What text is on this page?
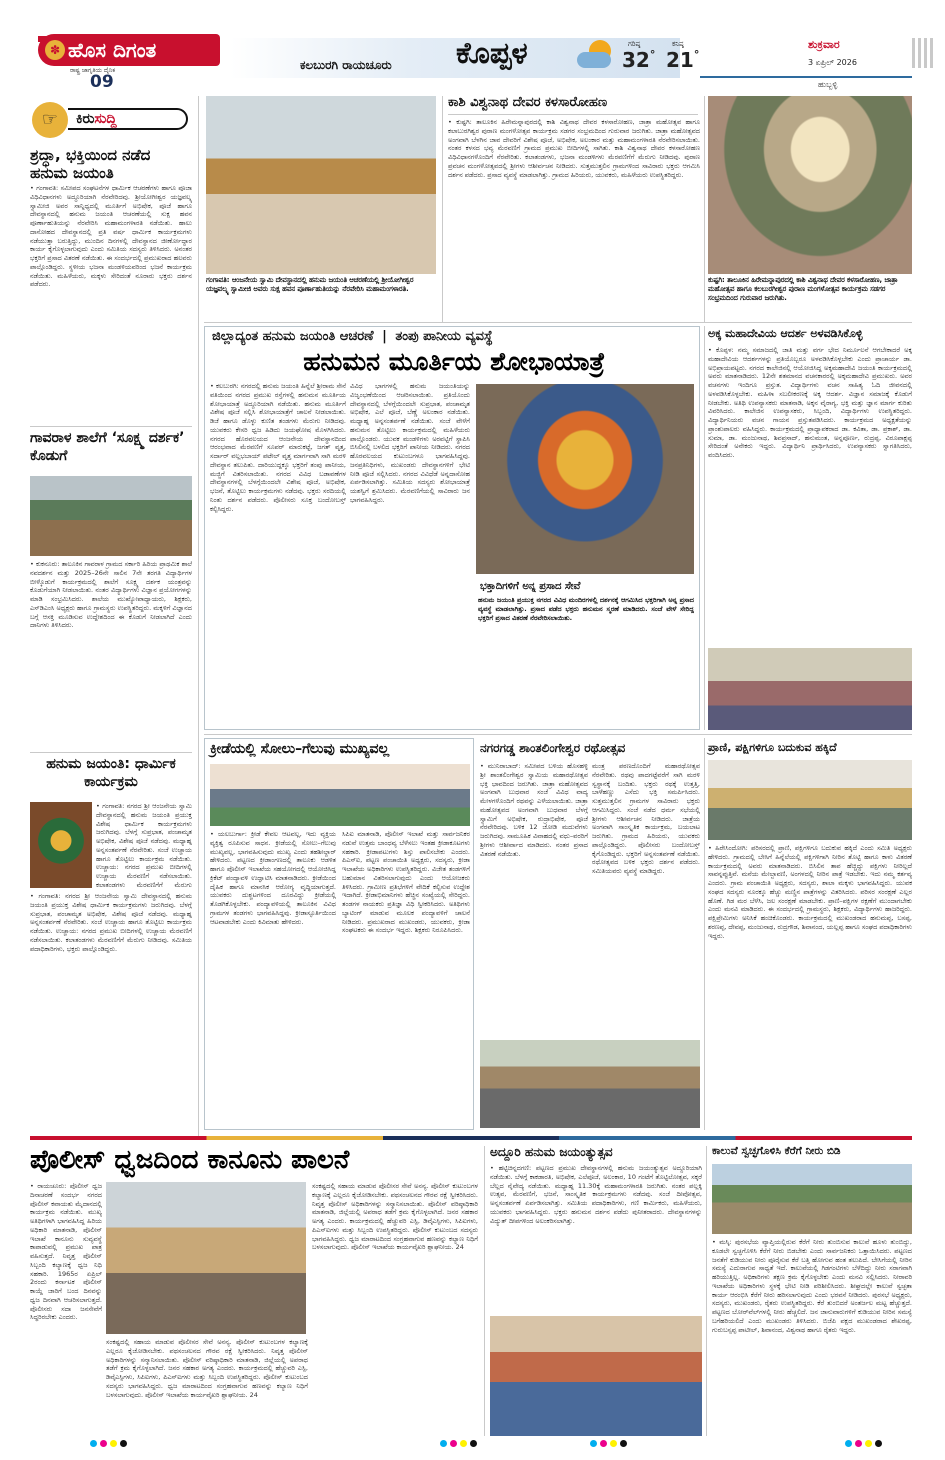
✽ ಹೊಸ ದಿಗಂತ
ರಾಷ್ಟ್ರ ಜಾಗೃತಿಯ ದೈನಿಕ
09
ಕಲಬುರಗಿ ರಾಯಚೂರು ಕೊಪ್ಪಳ	ಗರಿಷ್ಠ
32°
ಕನಿಷ್ಠ
21°
ಶುಕ್ರವಾರ
3 ಏಪ್ರಿಲ್ 2026
ಹುಬ್ಬಳ್ಳಿ
☞	ಕಿರುಸುದ್ದಿ
ಶ್ರದ್ಧಾ, ಭಕ್ತಿಯಿಂದ ನಡೆದ ಹನುಮ ಜಯಂತಿ
• ಗಂಗಾವತಿ: ಸಮೀಪದ ಸಂಘಟನೆಗಳ ಧಾರ್ಮಿಕ ಆಚರಣೆಗಳು ಹಾಗೂ ಪೂಜಾ ವಿಧಿವಿಧಾನಗಳು ಅದ್ಧೂರಿಯಾಗಿ ನೆರವೇರಿದವು. ಶ್ರೀಯೋಗೀಶ್ವರ ಯಜ್ಞವಲ್ಕ್ಯ ಸ್ವಾಮೀಜಿ ಅವರ ಸಾನ್ನಿಧ್ಯದಲ್ಲಿ ಮೂರ್ತಿಗೆ ಅಭಿಷೇಕ, ಪೂಜೆ ಹಾಗೂ ದೇವಸ್ಥಾನದಲ್ಲಿ ಹನುಮ ಜಯಂತಿ ಆಚರಣೆಯಲ್ಲಿ ಸುಕ್ಷ ಹವನ ಪೂರ್ಣಾಹುತಿಯನ್ನು ನೆರವೇರಿಸಿ ಮಹಾಮಂಗಳಾರತಿ ನಡೆಯಿತು. ಹಾಲು ದಾಸೋಹದ ದೇವಸ್ಥಾನದಲ್ಲಿ ಪ್ರತಿ ವರ್ಷ ಧಾರ್ಮಿಕ ಕಾರ್ಯಕ್ರಮಗಳು ನಡೆಯುತ್ತಾ ಬರುತ್ತಿದ್ದು, ಮುಂದಿನ ದಿನಗಳಲ್ಲಿ ದೇವಸ್ಥಾನದ ಜೀರ್ಣೋದ್ಧಾರ ಕಾರ್ಯ ಕೈಗೊಳ್ಳಲಾಗುವುದು ಎಂದು ಸಮಿತಿಯ ಸದಸ್ಯರು ತಿಳಿಸಿದರು. ಅನಂತರ ಭಕ್ತರಿಗೆ ಪ್ರಸಾದ ವಿತರಣೆ ನಡೆಯಿತು. ಈ ಸಂದರ್ಭದಲ್ಲಿ ಪ್ರಮುಖರಾದ ಹಲವರು ಪಾಲ್ಗೊಂಡಿದ್ದರು. ಸ್ಥಳೀಯ ಭಜನಾ ಮಂಡಳಿಯವರಿಂದ ಭಜನೆ ಕಾರ್ಯಕ್ರಮ ನಡೆಯಿತು. ಮಹಿಳೆಯರು, ಮಕ್ಕಳು ಸೇರಿದಂತೆ ನೂರಾರು ಭಕ್ತರು ದರ್ಶನ ಪಡೆದರು.
ಗಾವರಾಳ ಶಾಲೆಗೆ ‘ಸೂಕ್ಷ್ಮ ದರ್ಶಕ’ ಕೊಡುಗೆ
• ಕುಕನೂರು: ತಾಲೂಕಿನ ಗಾವರಾಳ ಗ್ರಾಮದ ಸರ್ಕಾರಿ ಹಿರಿಯ ಪ್ರಾಥಮಿಕ ಶಾಲೆ ನವದರ್ಶನ ಮತ್ತು 2025–26ನೇ ಸಾಲಿನ 7ನೇ ತರಗತಿ ವಿದ್ಯಾರ್ಥಿಗಳ ಬೀಳ್ಕೊಡುಗೆ ಕಾರ್ಯಕ್ರಮದಲ್ಲಿ ಶಾಲೆಗೆ ಸೂಕ್ಷ್ಮ ದರ್ಶಕ ಯಂತ್ರವನ್ನು ಕೊಡುಗೆಯಾಗಿ ನೀಡಲಾಯಿತು. ನಂತರ ವಿದ್ಯಾರ್ಥಿಗಳು ವಿಜ್ಞಾನ ಪ್ರಯೋಗಗಳನ್ನು ಮಾಡಿ ಸಂಭ್ರಮಿಸಿದರು. ಶಾಲೆಯ ಮುಖ್ಯೋಪಾಧ್ಯಾಯರು, ಶಿಕ್ಷಕರು, ಎಸ್‌ಡಿಎಂಸಿ ಅಧ್ಯಕ್ಷರು ಹಾಗೂ ಗ್ರಾಮಸ್ಥರು ಉಪಸ್ಥಿತರಿದ್ದರು. ಮಕ್ಕಳಿಗೆ ವಿಜ್ಞಾನದ ಬಗ್ಗೆ ಆಸಕ್ತಿ ಮೂಡಿಸುವ ಉದ್ದೇಶದಿಂದ ಈ ಕೊಡುಗೆ ನೀಡಲಾಗಿದೆ ಎಂದು ದಾನಿಗಳು ತಿಳಿಸಿದರು.
ಹನುಮ ಜಯಂತಿ: ಧಾರ್ಮಿಕ ಕಾರ್ಯಕ್ರಮ
• ಗಂಗಾವತಿ: ನಗರದ ಶ್ರೀ ಆಂಜನೇಯ ಸ್ವಾಮಿ ದೇವಸ್ಥಾನದಲ್ಲಿ ಹನುಮ ಜಯಂತಿ ಪ್ರಯುಕ್ತ ವಿಶೇಷ ಧಾರ್ಮಿಕ ಕಾರ್ಯಕ್ರಮಗಳು ಜರುಗಿದವು. ಬೆಳಗ್ಗೆ ಸುಪ್ರಭಾತ, ಪಂಚಾಮೃತ ಅಭಿಷೇಕ, ವಿಶೇಷ ಪೂಜೆ ನಡೆದವು. ಮಧ್ಯಾಹ್ನ ಅನ್ನಸಂತರ್ಪಣೆ ನೆರವೇರಿತು. ಸಂಜೆ ಉಚ್ಚಾಯ ಹಾಗೂ ತೊಟ್ಟಿಲು ಕಾರ್ಯಕ್ರಮ ನಡೆಯಿತು. ಉಚ್ಚಾಯ: ನಗರದ ಪ್ರಮುಖ ಬೀದಿಗಳಲ್ಲಿ ಉಚ್ಚಾಯ ಮೆರವಣಿಗೆ ನಡೆಸಲಾಯಿತು. ಕಲಾತಂಡಗಳು ಮೆರವಣಿಗೆಗೆ ಮೆರುಗು
• ಗಂಗಾವತಿ: ನಗರದ ಶ್ರೀ ಆಂಜನೇಯ ಸ್ವಾಮಿ ದೇವಸ್ಥಾನದಲ್ಲಿ ಹನುಮ ಜಯಂತಿ ಪ್ರಯುಕ್ತ ವಿಶೇಷ ಧಾರ್ಮಿಕ ಕಾರ್ಯಕ್ರಮಗಳು ಜರುಗಿದವು. ಬೆಳಗ್ಗೆ ಸುಪ್ರಭಾತ, ಪಂಚಾಮೃತ ಅಭಿಷೇಕ, ವಿಶೇಷ ಪೂಜೆ ನಡೆದವು. ಮಧ್ಯಾಹ್ನ ಅನ್ನಸಂತರ್ಪಣೆ ನೆರವೇರಿತು. ಸಂಜೆ ಉಚ್ಚಾಯ ಹಾಗೂ ತೊಟ್ಟಿಲು ಕಾರ್ಯಕ್ರಮ ನಡೆಯಿತು. ಉಚ್ಚಾಯ: ನಗರದ ಪ್ರಮುಖ ಬೀದಿಗಳಲ್ಲಿ ಉಚ್ಚಾಯ ಮೆರವಣಿಗೆ ನಡೆಸಲಾಯಿತು. ಕಲಾತಂಡಗಳು ಮೆರವಣಿಗೆಗೆ ಮೆರುಗು ನೀಡಿದವು. ಸಮಿತಿಯ ಪದಾಧಿಕಾರಿಗಳು, ಭಕ್ತರು ಪಾಲ್ಗೊಂಡಿದ್ದರು.
ಗಂಗಾವತಿ: ಆಂಜನೇಯ ಸ್ವಾಮಿ ದೇವಸ್ಥಾನದಲ್ಲಿ ಹನುಮ ಜಯಂತಿ ಆಚರಣೆಯಲ್ಲಿ ಶ್ರೀಯೋಗೀಶ್ವರ ಯಜ್ಞವಲ್ಕ್ಯ ಸ್ವಾಮೀಜಿ ಅವರು ಸುಕ್ಷ ಹವನ ಪೂರ್ಣಾಹುತಿಯನ್ನು ನೆರವೇರಿಸಿ ಮಹಾಮಂಗಳಾರತಿ.
ಕಾಶಿ ವಿಶ್ವನಾಥ ದೇವರ ಕಳಸಾರೋಹಣ
• ಕುಷ್ಟಗಿ: ತಾಲೂಕಿನ ಹಿರೇಮನ್ನಾಪುರದಲ್ಲಿ ಕಾಶಿ ವಿಶ್ವನಾಥ ದೇವರ ಕಳಸಾರೋಹಣ, ಜಾತ್ರಾ ಮಹೋತ್ಸವ ಹಾಗೂ ಕಲಾಬುರಗಿಶ್ವರ ಪುರಾಣ ಮಂಗಳೋತ್ಸವ ಕಾರ್ಯಕ್ರಮ ಸಡಗರ ಸಂಭ್ರಮದಿಂದ ಗುರುವಾರ ಜರುಗಿತು. ಜಾತ್ರಾ ಮಹೋತ್ಸವದ ಅಂಗವಾಗಿ ಬೆಳಗಿನ ಜಾವ ದೇವರಿಗೆ ವಿಶೇಷ ಪೂಜೆ, ಅಭಿಷೇಕ, ಅಲಂಕಾರ ಮತ್ತು ಮಹಾಮಂಗಳಾರತಿ ನೆರವೇರಿಸಲಾಯಿತು. ನಂತರ ಕಳಸದ ಭವ್ಯ ಮೆರವಣಿಗೆ ಗ್ರಾಮದ ಪ್ರಮುಖ ಬೀದಿಗಳಲ್ಲಿ ಸಾಗಿತು. ಕಾಶಿ ವಿಶ್ವನಾಥ ದೇವರ ಕಳಸಾರೋಹಣ ವಿಧಿವಿಧಾನಗಳೊಂದಿಗೆ ನೆರವೇರಿತು. ಕಲಾತಂಡಗಳು, ಭಜನಾ ಮಂಡಳಿಗಳು ಮೆರವಣಿಗೆಗೆ ಮೆರುಗು ನೀಡಿದವು. ಪುರಾಣ ಪ್ರವಚನ ಮಂಗಳೋತ್ಸವದಲ್ಲಿ ಶ್ರೀಗಳು ಆಶೀರ್ವಚನ ನೀಡಿದರು. ಸುತ್ತಮುತ್ತಲಿನ ಗ್ರಾಮಗಳಿಂದ ಸಾವಿರಾರು ಭಕ್ತರು ಆಗಮಿಸಿ ದರ್ಶನ ಪಡೆದರು. ಪ್ರಸಾದ ವ್ಯವಸ್ಥೆ ಮಾಡಲಾಗಿತ್ತು. ಗ್ರಾಮದ ಹಿರಿಯರು, ಯುವಕರು, ಮಹಿಳೆಯರು ಉಪಸ್ಥಿತರಿದ್ದರು.
ಕುಷ್ಟಗಿ: ತಾಲೂಕಿನ ಹಿರೇಮನ್ನಾಪುರದಲ್ಲಿ ಕಾಶಿ ವಿಶ್ವನಾಥ ದೇವರ ಕಳಸಾರೋಹಣ, ಜಾತ್ರಾ ಮಹೋತ್ಸವ ಹಾಗೂ ಕಲಬುರಗೀಶ್ವರ ಪುರಾಣ ಮಂಗಳೋತ್ಸವ ಕಾರ್ಯಕ್ರಮ ಸಡಗರ ಸಂಭ್ರಮದಿಂದ ಗುರುವಾರ ಜರುಗಿತು.
ಜಿಲ್ಲಾದ್ಯಂತ ಹನುಮ ಜಯಂತಿ ಆಚರಣೆ | ತಂಪು ಪಾನೀಯ ವ್ಯವಸ್ಥೆ
ಹನುಮನ ಮೂರ್ತಿಯ ಶೋಭಾಯಾತ್ರೆ
• ಕಲಬುರಗಿ: ನಗರದಲ್ಲಿ ಹನುಮ ಜಯಂತಿ ಹಿನ್ನೆಲೆ ಶ್ರೀರಾಮ ಸೇನೆ ವತಿಯಿಂದ ನಗರದ ಪ್ರಮುಖ ರಸ್ತೆಗಳಲ್ಲಿ ಹನುಮನ ಮೂರ್ತಿಯ ಶೋಭಾಯಾತ್ರೆ ಅದ್ದೂರಿಯಾಗಿ ನಡೆಯಿತು. ಹನುಮ ಮೂರ್ತಿಗೆ ವಿಶೇಷ ಪೂಜೆ ಸಲ್ಲಿಸಿ ಶೋಭಾಯಾತ್ರೆಗೆ ಚಾಲನೆ ನೀಡಲಾಯಿತು. ಡಿಜೆ ಹಾಗೂ ಡೊಳ್ಳು ಕುಣಿತ ತಂಡಗಳು ಮೆರುಗು ನೀಡಿದವು. ಯುವಕರು ಕೇಸರಿ ಧ್ವಜ ಹಿಡಿದು ಜಯಘೋಷ ಮೊಳಗಿಸಿದರು. ನಗರದ ಹೊರವಲಯದ ಆಂಜನೇಯ ದೇವಸ್ಥಾನದಿಂದ ಆರಂಭವಾದ ಮೆರವಣಿಗೆ ಸೂಪರ್ ಮಾರುಕಟ್ಟೆ, ಜಗತ್ ವೃತ್ತ, ಸರ್ದಾರ್ ವಲ್ಲಭಬಾಯ್ ಪಟೇಲ್ ವೃತ್ತ ಮಾರ್ಗವಾಗಿ ಸಾಗಿ ಮರಳಿ ದೇವಸ್ಥಾನ ತಲುಪಿತು. ದಾರಿಯುದ್ದಕ್ಕೂ ಭಕ್ತರಿಗೆ ತಂಪು ಪಾನೀಯ, ಮಜ್ಜಿಗೆ ವಿತರಿಸಲಾಯಿತು. ನಗರದ ವಿವಿಧ ಬಡಾವಣೆಗಳ ದೇವಸ್ಥಾನಗಳಲ್ಲಿ ಬೆಳಗ್ಗೆಯಿಂದಲೇ ವಿಶೇಷ ಪೂಜೆ, ಅಭಿಷೇಕ, ಭಜನೆ, ತೊಟ್ಟಿಲು ಕಾರ್ಯಕ್ರಮಗಳು ನಡೆದವು. ಭಕ್ತರು ಸರದಿಯಲ್ಲಿ ನಿಂತು ದರ್ಶನ ಪಡೆದರು. ಪೊಲೀಸರು ಸೂಕ್ತ ಬಂದೋಬಸ್ತ್ ಕಲ್ಪಿಸಿದ್ದರು.
ವಿವಿಧ ಭಾಗಗಳಲ್ಲಿ ಹನುಮ ಜಯಂತಿಯನ್ನು ವಿಜೃಂಭಣೆಯಿಂದ ಆಚರಿಸಲಾಯಿತು. ಪ್ರತಿಯೊಂದು ದೇವಸ್ಥಾನದಲ್ಲಿ ಬೆಳಗ್ಗೆಯಿಂದಲೇ ಸುಪ್ರಭಾತ, ಪಂಚಾಮೃತ ಅಭಿಷೇಕ, ಎಲೆ ಪೂಜೆ, ಬೆಣ್ಣೆ ಅಲಂಕಾರ ನಡೆಯಿತು. ಮಧ್ಯಾಹ್ನ ಅನ್ನಸಂತರ್ಪಣೆ ನಡೆಯಿತು. ಸಂಜೆ ವೇಳೆಗೆ ಹನುಮನ ತೊಟ್ಟಿಲು ಕಾರ್ಯಕ್ರಮದಲ್ಲಿ ಮಹಿಳೆಯರು ಪಾಲ್ಗೊಂಡರು. ಯುವಕ ಮಂಡಳಿಗಳು ಅರವಟ್ಟಿಗೆ ಸ್ಥಾಪಿಸಿ ಬಿಸಿಲಿನಲ್ಲಿ ಬಳಲಿದ ಭಕ್ತರಿಗೆ ಪಾನೀಯ ನೀಡಿದರು. ನಗರದ ಹೊರವಲಯದ ಕುಟುಂಬಗಳೂ ಭಾಗವಹಿಸಿದ್ದವು. ಜನಪ್ರತಿನಿಧಿಗಳು, ಮುಖಂಡರು ದೇವಸ್ಥಾನಗಳಿಗೆ ಭೇಟಿ ನೀಡಿ ಪೂಜೆ ಸಲ್ಲಿಸಿದರು. ನಗರದ ವಿವಿಧೆಡೆ ಅನ್ನದಾಸೋಹ ಏರ್ಪಡಿಸಲಾಗಿತ್ತು. ಸಮಿತಿಯ ಸದಸ್ಯರು ಶೋಭಾಯಾತ್ರೆ ಯಶಸ್ವಿಗೆ ಶ್ರಮಿಸಿದರು. ಮೆರವಣಿಗೆಯಲ್ಲಿ ಸಾವಿರಾರು ಜನ ಭಾಗವಹಿಸಿದ್ದರು.
ಭಕ್ತಾದಿಗಳಿಗೆ ಅನ್ನ ಪ್ರಸಾದ ಸೇವೆ
ಹನುಮ ಜಯಂತಿ ಪ್ರಯುಕ್ತ ನಗರದ ವಿವಿಧ ಮಂದಿರಗಳಲ್ಲಿ ದರ್ಶನಕ್ಕೆ ಆಗಮಿಸಿದ ಭಕ್ತರಿಗಾಗಿ ಅನ್ನ ಪ್ರಸಾದ ವ್ಯವಸ್ಥೆ ಮಾಡಲಾಗಿತ್ತು. ಪ್ರಸಾದ ಪಡೆದ ಭಕ್ತರು ಹನುಮನ ಸ್ಮರಣೆ ಮಾಡಿದರು. ಸಂಜೆ ವೇಳೆ ಸೇರಿದ್ದ ಭಕ್ತರಿಗೆ ಪ್ರಸಾದ ವಿತರಣೆ ನೆರವೇರಿಸಲಾಯಿತು.
ಅಕ್ಕ ಮಹಾದೇವಿಯ ಆದರ್ಶ ಅಳವಡಿಸಿಕೊಳ್ಳಿ
• ಕೊಪ್ಪಳ: ನಮ್ಮ ಸಮಾಜದಲ್ಲಿ ಜಾತಿ ಮತ್ತು ವರ್ಗ ಭೇದ ನಿರ್ಮೂಲನೆ ಆಗಬೇಕಾದರೆ ಅಕ್ಕ ಮಹಾದೇವಿಯ ಆದರ್ಶಗಳನ್ನು ಪ್ರತಿಯೊಬ್ಬರೂ ಅಳವಡಿಸಿಕೊಳ್ಳಬೇಕು ಎಂದು ಪ್ರಾಚಾರ್ಯ ಡಾ. ಅಭಿಪ್ರಾಯಪಟ್ಟರು. ನಗರದ ಕಾಲೇಜಿನಲ್ಲಿ ಆಯೋಜಿಸಿದ್ದ ಅಕ್ಕಮಹಾದೇವಿ ಜಯಂತಿ ಕಾರ್ಯಕ್ರಮದಲ್ಲಿ ಅವರು ಮಾತನಾಡಿದರು. 12ನೇ ಶತಮಾನದ ವಚನಕಾರರಲ್ಲಿ ಅಕ್ಕಮಹಾದೇವಿ ಪ್ರಮುಖರು. ಅವರ ವಚನಗಳು ಇಂದಿಗೂ ಪ್ರಸ್ತುತ. ವಿದ್ಯಾರ್ಥಿಗಳು ವಚನ ಸಾಹಿತ್ಯ ಓದಿ ಜೀವನದಲ್ಲಿ ಅಳವಡಿಸಿಕೊಳ್ಳಬೇಕು. ಮಹಿಳಾ ಸಬಲೀಕರಣಕ್ಕೆ ಅಕ್ಕ ಆದರ್ಶ. ವಿಜ್ಞಾನ ಸಮಾಜಕ್ಕೆ ಕೊಡುಗೆ ನೀಡಬೇಕು. ಅತಿಥಿ ಉಪನ್ಯಾಸಕರು ಮಾತನಾಡಿ, ಅಕ್ಕನ ವೈರಾಗ್ಯ, ಭಕ್ತಿ ಮತ್ತು ಜ್ಞಾನ ಮಾರ್ಗ ಕುರಿತು ವಿವರಿಸಿದರು. ಕಾಲೇಜಿನ ಉಪನ್ಯಾಸಕರು, ಸಿಬ್ಬಂದಿ, ವಿದ್ಯಾರ್ಥಿಗಳು ಉಪಸ್ಥಿತರಿದ್ದರು. ವಿದ್ಯಾರ್ಥಿನಿಯರು ವಚನ ಗಾಯನ ಪ್ರಸ್ತುತಪಡಿಸಿದರು. ಕಾರ್ಯಕ್ರಮದ ಅಧ್ಯಕ್ಷತೆಯನ್ನು ಪ್ರಾಂಶುಪಾಲರು ವಹಿಸಿದ್ದರು. ಕಾರ್ಯಕ್ರಮದಲ್ಲಿ ಪ್ರಾಧ್ಯಾಪಕರಾದ ಡಾ. ಕವಿತಾ, ಡಾ. ಪ್ರಕಾಶ್, ಡಾ. ಸುಮಾ, ಡಾ. ಮಂಜುನಾಥ, ಶಿವಪ್ರಸಾದ್, ಹನುಮಂತ, ಅನ್ನಪೂರ್ಣ, ರುದ್ರಪ್ಪ, ವಿರೂಪಾಕ್ಷಪ್ಪ ಸೇರಿದಂತೆ ಅನೇಕರು ಇದ್ದರು. ವಿದ್ಯಾರ್ಥಿನಿ ಪ್ರಾರ್ಥಿಸಿದರು, ಉಪನ್ಯಾಸಕರು ಸ್ವಾಗತಿಸಿದರು, ವಂದಿಸಿದರು.
ಕ್ರೀಡೆಯಲ್ಲಿ ಸೋಲು–ಗೆಲುವು ಮುಖ್ಯವಲ್ಲ
• ಯಲಬುರ್ಗಾ: ಕ್ರೀಡೆ ಕೇವಲ ಆಟವಲ್ಲ, ಇದು ವ್ಯಕ್ತಿಯ ವ್ಯಕ್ತಿತ್ವ ರೂಪಿಸುವ ಸಾಧನ. ಕ್ರೀಡೆಯಲ್ಲಿ ಸೋಲು–ಗೆಲುವು ಮುಖ್ಯವಲ್ಲ, ಭಾಗವಹಿಸುವುದು ಮುಖ್ಯ ಎಂದು ತಹಶೀಲ್ದಾರ್ ಹೇಳಿದರು. ಪಟ್ಟಣದ ಕ್ರೀಡಾಂಗಣದಲ್ಲಿ ತಾಲೂಕು ಆಡಳಿತ ಹಾಗೂ ಪೊಲೀಸ್ ಇಲಾಖೆಯ ಸಹಯೋಗದಲ್ಲಿ ಆಯೋಜಿಸಿದ್ದ ಕ್ರಿಕೆಟ್ ಪಂದ್ಯಾವಳಿ ಉದ್ಘಾಟಿಸಿ ಮಾತನಾಡಿದರು. ಕ್ರೀಡೆಯಿಂದ ದೈಹಿಕ ಹಾಗೂ ಮಾನಸಿಕ ಆರೋಗ್ಯ ವೃದ್ಧಿಯಾಗುತ್ತದೆ. ಯುವಕರು ದುಶ್ಚಟಗಳಿಂದ ದೂರವಿದ್ದು ಕ್ರೀಡೆಯಲ್ಲಿ ತೊಡಗಿಕೊಳ್ಳಬೇಕು. ಪಂದ್ಯಾವಳಿಯಲ್ಲಿ ತಾಲೂಕಿನ ವಿವಿಧ ಗ್ರಾಮಗಳ ತಂಡಗಳು ಭಾಗವಹಿಸಿದ್ದವು. ಕ್ರೀಡಾಸ್ಫೂರ್ತಿಯಿಂದ ಆಟವಾಡಬೇಕು ಎಂದು ಕಿವಿಮಾತು ಹೇಳಿದರು.
ಸಿಪಿಐ ಮಾತನಾಡಿ, ಪೊಲೀಸ್ ಇಲಾಖೆ ಮತ್ತು ಸಾರ್ವಜನಿಕರ ನಡುವೆ ಉತ್ತಮ ಬಾಂಧವ್ಯ ಬೆಳೆಸಲು ಇಂತಹ ಕ್ರೀಡಾಕೂಟಗಳು ಸಹಕಾರಿ. ಕ್ರೀಡಾಪಟುಗಳು ಶಿಸ್ತು ಪಾಲಿಸಬೇಕು ಎಂದರು. ಪಿಎಸ್‌ಐ, ಪಟ್ಟಣ ಪಂಚಾಯಿತಿ ಅಧ್ಯಕ್ಷರು, ಸದಸ್ಯರು, ಕ್ರೀಡಾ ಇಲಾಖೆಯ ಅಧಿಕಾರಿಗಳು ಉಪಸ್ಥಿತರಿದ್ದರು. ವಿಜೇತ ತಂಡಗಳಿಗೆ ಬಹುಮಾನ ವಿತರಿಸಲಾಗುವುದು ಎಂದು ಆಯೋಜಕರು ತಿಳಿಸಿದರು. ಗ್ರಾಮೀಣ ಪ್ರತಿಭೆಗಳಿಗೆ ವೇದಿಕೆ ಕಲ್ಪಿಸುವ ಉದ್ದೇಶ ಇದಾಗಿದೆ. ಕ್ರೀಡಾಭಿಮಾನಿಗಳು ಹೆಚ್ಚಿನ ಸಂಖ್ಯೆಯಲ್ಲಿ ಸೇರಿದ್ದರು. ತಂಡಗಳ ನಾಯಕರು ಪ್ರತಿಜ್ಞಾ ವಿಧಿ ಸ್ವೀಕರಿಸಿದರು. ಅತಿಥಿಗಳು ಬ್ಯಾಟಿಂಗ್ ಮಾಡುವ ಮೂಲಕ ಪಂದ್ಯಾವಳಿಗೆ ಚಾಲನೆ ನೀಡಿದರು. ಪ್ರಮುಖರಾದ ಮುಖಂಡರು, ಯುವಕರು, ಕ್ರೀಡಾ ಸಂಘಟಕರು ಈ ಸಂದರ್ಭ ಇದ್ದರು. ಶಿಕ್ಷಕರು ನಿರೂಪಿಸಿದರು.
ನಗರಗಡ್ಡ ಶಾಂತಲಿಂಗೇಶ್ವರ ರಥೋತ್ಸವ
• ಮುನಿರಾಬಾದ್: ಸಮೀಪದ ಬಳಿಯ ಹೊಸಹಳ್ಳಿ ಶ್ರೀ ಶಾಂತಲಿಂಗೇಶ್ವರ ಸ್ವಾಮಿಯ ಮಹಾರಥೋತ್ಸವ ಭಕ್ತಿ ಭಾವದಿಂದ ಜರುಗಿತು. ಜಾತ್ರಾ ಮಹೋತ್ಸವದ ಅಂಗವಾಗಿ ಬುಧವಾರ ಸಂಜೆ ವಿವಿಧ ವಾದ್ಯ ಮೇಳಗಳೊಂದಿಗೆ ರಥವನ್ನು ಎಳೆಯಲಾಯಿತು. ಜಾತ್ರಾ ಮಹೋತ್ಸವದ ಅಂಗವಾಗಿ ಬುಧವಾರ ಬೆಳಗ್ಗೆ ಸ್ವಾಮಿಗೆ ಅಭಿಷೇಕ, ರುದ್ರಾಭಿಷೇಕ, ಪೂಜೆ ನೆರವೇರಿದವು. ಬಳಿಕ 12 ಜೋಡಿ ಮದುವೆಗಳು ಜರುಗಿದವು. ಸಾಮೂಹಿಕ ವಿವಾಹದಲ್ಲಿ ವಧು–ವರರಿಗೆ ಶ್ರೀಗಳು ಆಶೀರ್ವಾದ ಮಾಡಿದರು. ನಂತರ ಪ್ರಸಾದ ವಿತರಣೆ ನಡೆಯಿತು.
ಮಂತ್ರ ಪಠಣದೊಂದಿಗೆ ಮಹಾರಥೋತ್ಸವ ನೆರವೇರಿತು. ರಥವು ಪಾದಗಟ್ಟೆವರೆಗೆ ಸಾಗಿ ಮರಳಿ ಸ್ವಸ್ಥಾನಕ್ಕೆ ಬಂದಿತು. ಭಕ್ತರು ರಥಕ್ಕೆ ಉತ್ತತ್ತಿ, ಬಾಳೆಹಣ್ಣು ಎಸೆದು ಭಕ್ತಿ ಸಮರ್ಪಿಸಿದರು. ಸುತ್ತಮುತ್ತಲಿನ ಗ್ರಾಮಗಳ ಸಾವಿರಾರು ಭಕ್ತರು ಆಗಮಿಸಿದ್ದರು. ಸಂಜೆ ನಡೆದ ಧರ್ಮ ಸಭೆಯಲ್ಲಿ ಶ್ರೀಗಳು ಆಶೀರ್ವಚನ ನೀಡಿದರು. ಜಾತ್ರೆಯ ಅಂಗವಾಗಿ ಸಾಂಸ್ಕೃತಿಕ ಕಾರ್ಯಕ್ರಮ, ಬಯಲಾಟ ಜರುಗಿತು. ಗ್ರಾಮದ ಹಿರಿಯರು, ಯುವಕರು ಪಾಲ್ಗೊಂಡಿದ್ದರು. ಪೊಲೀಸರು ಬಂದೋಬಸ್ತ್ ಕೈಗೊಂಡಿದ್ದರು. ಭಕ್ತರಿಗೆ ಅನ್ನಸಂತರ್ಪಣೆ ನಡೆಯಿತು. ರಥೋತ್ಸವದ ಬಳಿಕ ಭಕ್ತರು ದರ್ಶನ ಪಡೆದರು. ಸಮಿತಿಯವರು ವ್ಯವಸ್ಥೆ ಮಾಡಿದ್ದರು.
ಪ್ರಾಣಿ, ಪಕ್ಷಿಗಳಿಗೂ ಬದುಕುವ ಹಕ್ಕಿದೆ
• ಹಿರೇಸಿಂದೋಗಿ: ಪರಿಸರದಲ್ಲಿ ಪ್ರಾಣಿ, ಪಕ್ಷಿಗಳಿಗೂ ಬದುಕುವ ಹಕ್ಕಿದೆ ಎಂದು ಸಮಿತಿ ಅಧ್ಯಕ್ಷರು ಹೇಳಿದರು. ಗ್ರಾಮದಲ್ಲಿ ಬೇಸಿಗೆ ಹಿನ್ನೆಲೆಯಲ್ಲಿ ಪಕ್ಷಿಗಳಿಗಾಗಿ ನೀರಿನ ತೊಟ್ಟಿ ಹಾಗೂ ಕಾಳು ವಿತರಣೆ ಕಾರ್ಯಕ್ರಮದಲ್ಲಿ ಅವರು ಮಾತನಾಡಿದರು. ಬಿಸಿಲಿನ ತಾಪ ಹೆಚ್ಚಿದ್ದು ಪಕ್ಷಿಗಳು ನೀರಿಲ್ಲದೆ ಸಾವನ್ನಪ್ಪುತ್ತಿವೆ. ಮನೆಯ ಮೇಲ್ಛಾವಣಿ, ಅಂಗಳದಲ್ಲಿ ನೀರಿನ ಪಾತ್ರೆ ಇಡಬೇಕು. ಇದು ನಮ್ಮ ಕರ್ತವ್ಯ ಎಂದರು. ಗ್ರಾಮ ಪಂಚಾಯಿತಿ ಅಧ್ಯಕ್ಷರು, ಸದಸ್ಯರು, ಶಾಲಾ ಮಕ್ಕಳು ಭಾಗವಹಿಸಿದ್ದರು. ಯುವಕ ಸಂಘದ ಸದಸ್ಯರು ನೂರಕ್ಕೂ ಹೆಚ್ಚು ಮಣ್ಣಿನ ಪಾತ್ರೆಗಳನ್ನು ವಿತರಿಸಿದರು. ಪರಿಸರ ಸಂರಕ್ಷಣೆ ಎಲ್ಲರ ಹೊಣೆ. ಗಿಡ ಮರ ಬೆಳೆಸಿ, ಜಲ ಸಂರಕ್ಷಣೆ ಮಾಡಬೇಕು. ಪ್ರಾಣಿ–ಪಕ್ಷಿಗಳ ರಕ್ಷಣೆಗೆ ಮುಂದಾಗಬೇಕು ಎಂದು ಮನವಿ ಮಾಡಿದರು. ಈ ಸಂದರ್ಭದಲ್ಲಿ ಗ್ರಾಮಸ್ಥರು, ಶಿಕ್ಷಕರು, ವಿದ್ಯಾರ್ಥಿಗಳು ಹಾಜರಿದ್ದರು. ಪಕ್ಷಿಪ್ರೇಮಿಗಳು ಅನಿಸಿಕೆ ಹಂಚಿಕೊಂಡರು. ಕಾರ್ಯಕ್ರಮದಲ್ಲಿ ಮುಖಂಡರಾದ ಹನುಮಪ್ಪ, ಬಸಪ್ಪ, ಶರಣಪ್ಪ, ದೇವಪ್ಪ, ಮಂಜುನಾಥ, ರುದ್ರಗೌಡ, ಶಿವಾನಂದ, ಯಲ್ಲಪ್ಪ ಹಾಗೂ ಸಂಘದ ಪದಾಧಿಕಾರಿಗಳು ಇದ್ದರು.
ಪೊಲೀಸ್ ಧ್ವಜದಿಂದ ಕಾನೂನು ಪಾಲನೆ
• ರಾಯಚೂರು: ಪೊಲೀಸ್ ಧ್ವಜ ದಿನಾಚರಣೆ ಸಂದರ್ಭ ನಗರದ ಪೊಲೀಸ್ ಕವಾಯತು ಮೈದಾನದಲ್ಲಿ ಕಾರ್ಯಕ್ರಮ ನಡೆಯಿತು. ಮುಖ್ಯ ಅತಿಥಿಗಳಾಗಿ ಭಾಗವಹಿಸಿದ್ದ ಹಿರಿಯ ಅಧಿಕಾರಿ ಮಾತನಾಡಿ, ಪೊಲೀಸ್ ಇಲಾಖೆ ಕಾನೂನು ಸುವ್ಯವಸ್ಥೆ ಕಾಪಾಡುವಲ್ಲಿ ಪ್ರಮುಖ ಪಾತ್ರ ವಹಿಸುತ್ತದೆ. ನಿವೃತ್ತ ಪೊಲೀಸ್ ಸಿಬ್ಬಂದಿ ಕಲ್ಯಾಣಕ್ಕೆ ಧ್ವಜ ನಿಧಿ ಸಹಕಾರಿ. 1965ರ ಏಪ್ರಿಲ್ 2ರಂದು ಕರ್ನಾಟಕ ಪೊಲೀಸ್ ಕಾಯ್ದೆ ಜಾರಿಗೆ ಬಂದ ದಿನವನ್ನು ಧ್ವಜ ದಿನವಾಗಿ ಆಚರಿಸಲಾಗುತ್ತದೆ. ಪೊಲೀಸರು ಸದಾ ಜನಸೇವೆಗೆ ಸಿದ್ಧರಿರಬೇಕು ಎಂದರು.
ಸಂಕಷ್ಟದಲ್ಲಿ ಸಹಾಯ ಮಾಡುವ ಪೊಲೀಸರ ಸೇವೆ ಅನನ್ಯ. ಪೊಲೀಸ್ ಕುಟುಂಬಗಳ ಕಲ್ಯಾಣಕ್ಕೆ ಎಲ್ಲರೂ ಕೈಜೋಡಿಸಬೇಕು. ಪಥಸಂಚಲನದ ಗೌರವ ರಕ್ಷೆ ಸ್ವೀಕರಿಸಿದರು. ನಿವೃತ್ತ ಪೊಲೀಸ್ ಅಧಿಕಾರಿಗಳನ್ನು ಸನ್ಮಾನಿಸಲಾಯಿತು. ಪೊಲೀಸ್ ವರಿಷ್ಠಾಧಿಕಾರಿ ಮಾತನಾಡಿ, ಜಿಲ್ಲೆಯಲ್ಲಿ ಅಪರಾಧ ತಡೆಗೆ ಕ್ರಮ ಕೈಗೊಳ್ಳಲಾಗಿದೆ. ಜನರ ಸಹಕಾರ ಅಗತ್ಯ ಎಂದರು. ಕಾರ್ಯಕ್ರಮದಲ್ಲಿ ಹೆಚ್ಚುವರಿ ಎಸ್ಪಿ, ಡಿವೈಎಸ್ಪಿಗಳು, ಸಿಪಿಐಗಳು, ಪಿಎಸ್‌ಐಗಳು ಮತ್ತು ಸಿಬ್ಬಂದಿ ಉಪಸ್ಥಿತರಿದ್ದರು. ಪೊಲೀಸ್ ಕುಟುಂಬದ ಸದಸ್ಯರು ಭಾಗವಹಿಸಿದ್ದರು. ಧ್ವಜ ಮಾರಾಟದಿಂದ ಸಂಗ್ರಹವಾಗುವ ಹಣವನ್ನು ಕಲ್ಯಾಣ ನಿಧಿಗೆ ಬಳಸಲಾಗುವುದು. ಪೊಲೀಸ್ ಇಲಾಖೆಯ ಕಾರ್ಯವೈಖರಿ ಶ್ಲಾಘನೀಯ. 24
ಸಂಕಷ್ಟದಲ್ಲಿ ಸಹಾಯ ಮಾಡುವ ಪೊಲೀಸರ ಸೇವೆ ಅನನ್ಯ. ಪೊಲೀಸ್ ಕುಟುಂಬಗಳ ಕಲ್ಯಾಣಕ್ಕೆ ಎಲ್ಲರೂ ಕೈಜೋಡಿಸಬೇಕು. ಪಥಸಂಚಲನದ ಗೌರವ ರಕ್ಷೆ ಸ್ವೀಕರಿಸಿದರು. ನಿವೃತ್ತ ಪೊಲೀಸ್ ಅಧಿಕಾರಿಗಳನ್ನು ಸನ್ಮಾನಿಸಲಾಯಿತು. ಪೊಲೀಸ್ ವರಿಷ್ಠಾಧಿಕಾರಿ ಮಾತನಾಡಿ, ಜಿಲ್ಲೆಯಲ್ಲಿ ಅಪರಾಧ ತಡೆಗೆ ಕ್ರಮ ಕೈಗೊಳ್ಳಲಾಗಿದೆ. ಜನರ ಸಹಕಾರ ಅಗತ್ಯ ಎಂದರು. ಕಾರ್ಯಕ್ರಮದಲ್ಲಿ ಹೆಚ್ಚುವರಿ ಎಸ್ಪಿ, ಡಿವೈಎಸ್ಪಿಗಳು, ಸಿಪಿಐಗಳು, ಪಿಎಸ್‌ಐಗಳು ಮತ್ತು ಸಿಬ್ಬಂದಿ ಉಪಸ್ಥಿತರಿದ್ದರು. ಪೊಲೀಸ್ ಕುಟುಂಬದ ಸದಸ್ಯರು ಭಾಗವಹಿಸಿದ್ದರು. ಧ್ವಜ ಮಾರಾಟದಿಂದ ಸಂಗ್ರಹವಾಗುವ ಹಣವನ್ನು ಕಲ್ಯಾಣ ನಿಧಿಗೆ ಬಳಸಲಾಗುವುದು. ಪೊಲೀಸ್ ಇಲಾಖೆಯ ಕಾರ್ಯವೈಖರಿ ಶ್ಲಾಘನೀಯ. 24
ಅದ್ದೂರಿ ಹನುಮ ಜಯಂತ್ಯುತ್ಸವ
• ಹಟ್ಟಿಚಿನ್ನದಗಣಿ: ಪಟ್ಟಣದ ಪ್ರಮುಖ ದೇವಸ್ಥಾನಗಳಲ್ಲಿ ಹನುಮ ಜಯಂತ್ಯುತ್ಸವ ಅದ್ದೂರಿಯಾಗಿ ನಡೆಯಿತು. ಬೆಳಗ್ಗೆ ಕಾಕಡಾರತಿ, ಅಭಿಷೇಕ, ಎಲೆಪೂಜೆ, ಅಲಂಕಾರ, 10 ಗಂಟೆಗೆ ತೊಟ್ಟಿಲೋತ್ಸವ, ಸಕ್ಕರೆ ಬೆಲ್ಲದ ನೈವೇದ್ಯ ನಡೆಯಿತು. ಮಧ್ಯಾಹ್ನ 11.30ಕ್ಕೆ ಮಹಾಮಂಗಳಾರತಿ ಜರುಗಿತು. ನಂತರ ಪಲ್ಲಕ್ಕಿ ಉತ್ಸವ, ಮೆರವಣಿಗೆ, ಭಜನೆ, ಸಾಂಸ್ಕೃತಿಕ ಕಾರ್ಯಕ್ರಮಗಳು ನಡೆದವು. ಸಂಜೆ ದೀಪೋತ್ಸವ, ಅನ್ನಸಂತರ್ಪಣೆ ಏರ್ಪಡಿಸಲಾಗಿತ್ತು. ಸಮಿತಿಯ ಪದಾಧಿಕಾರಿಗಳು, ಗಣಿ ಕಾರ್ಮಿಕರು, ಮಹಿಳೆಯರು, ಯುವಕರು ಭಾಗವಹಿಸಿದ್ದರು. ಭಕ್ತರು ಹನುಮನ ದರ್ಶನ ಪಡೆದು ಪುನೀತರಾದರು. ದೇವಸ್ಥಾನಗಳನ್ನು ವಿದ್ಯುತ್ ದೀಪಗಳಿಂದ ಅಲಂಕರಿಸಲಾಗಿತ್ತು.
ಕಾಲುವೆ ಸ್ವಚ್ಛಗೊಳಿಸಿ ಕೆರೆಗೆ ನೀರು ಬಿಡಿ
• ಮಸ್ಕಿ: ಪುರಸಭೆಯ ವ್ಯಾಪ್ತಿಯಲ್ಲಿರುವ ಕೆರೆಗೆ ನೀರು ತುಂಬಿಸುವ ಕಾಲುವೆ ಹೂಳು ತುಂಬಿದ್ದು, ಕೂಡಲೇ ಸ್ವಚ್ಛಗೊಳಿಸಿ ಕೆರೆಗೆ ನೀರು ಬಿಡಬೇಕು ಎಂದು ಸಾರ್ವಜನಿಕರು ಒತ್ತಾಯಿಸಿದರು. ಪಟ್ಟಣದ ಜನತೆಗೆ ಕುಡಿಯುವ ನೀರು ಪೂರೈಸುವ ಕೆರೆ ಬತ್ತಿ ಹೋಗುವ ಹಂತ ತಲುಪಿದೆ. ಬೇಸಿಗೆಯಲ್ಲಿ ನೀರಿನ ಸಮಸ್ಯೆ ಎದುರಾಗುವ ಸಾಧ್ಯತೆ ಇದೆ. ಕಾಲುವೆಯಲ್ಲಿ ಗಿಡಗಂಟಿಗಳು ಬೆಳೆದಿದ್ದು ನೀರು ಸರಾಗವಾಗಿ ಹರಿಯುತ್ತಿಲ್ಲ. ಅಧಿಕಾರಿಗಳು ತಕ್ಷಣ ಕ್ರಮ ಕೈಗೊಳ್ಳಬೇಕು ಎಂದು ಮನವಿ ಸಲ್ಲಿಸಿದರು. ನೀರಾವರಿ ಇಲಾಖೆಯ ಅಧಿಕಾರಿಗಳು ಸ್ಥಳಕ್ಕೆ ಭೇಟಿ ನೀಡಿ ಪರಿಶೀಲಿಸಿದರು. ಶೀಘ್ರದಲ್ಲೇ ಕಾಲುವೆ ಸ್ವಚ್ಛತಾ ಕಾರ್ಯ ಆರಂಭಿಸಿ ಕೆರೆಗೆ ನೀರು ಹರಿಸಲಾಗುವುದು ಎಂದು ಭರವಸೆ ನೀಡಿದರು. ಪುರಸಭೆ ಅಧ್ಯಕ್ಷರು, ಸದಸ್ಯರು, ಮುಖಂಡರು, ರೈತರು ಉಪಸ್ಥಿತರಿದ್ದರು. ಕೆರೆ ತುಂಬಿದರೆ ಅಂತರ್ಜಲ ಮಟ್ಟ ಹೆಚ್ಚುತ್ತದೆ. ಪಟ್ಟಣದ ಬೋರ್‌ವೆಲ್‌ಗಳಲ್ಲಿ ನೀರು ಹೆಚ್ಚಲಿದೆ. ಜನ ಜಾನುವಾರುಗಳಿಗೆ ಕುಡಿಯುವ ನೀರಿನ ಸಮಸ್ಯೆ ಬಗೆಹರಿಯಲಿದೆ ಎಂದು ಮುಖಂಡರು ತಿಳಿಸಿದರು. ಬಿಜೆಪಿ ಪಕ್ಷದ ಮುಖಂಡರಾದ ಶೇಖರಪ್ಪ, ಗುರುಬಸ್ಸಪ್ಪ ಪಾಟೀಲ್, ಶಿವಾನಂದ, ವಿಶ್ವನಾಥ ಹಾಗೂ ರೈತರು ಇದ್ದರು.
